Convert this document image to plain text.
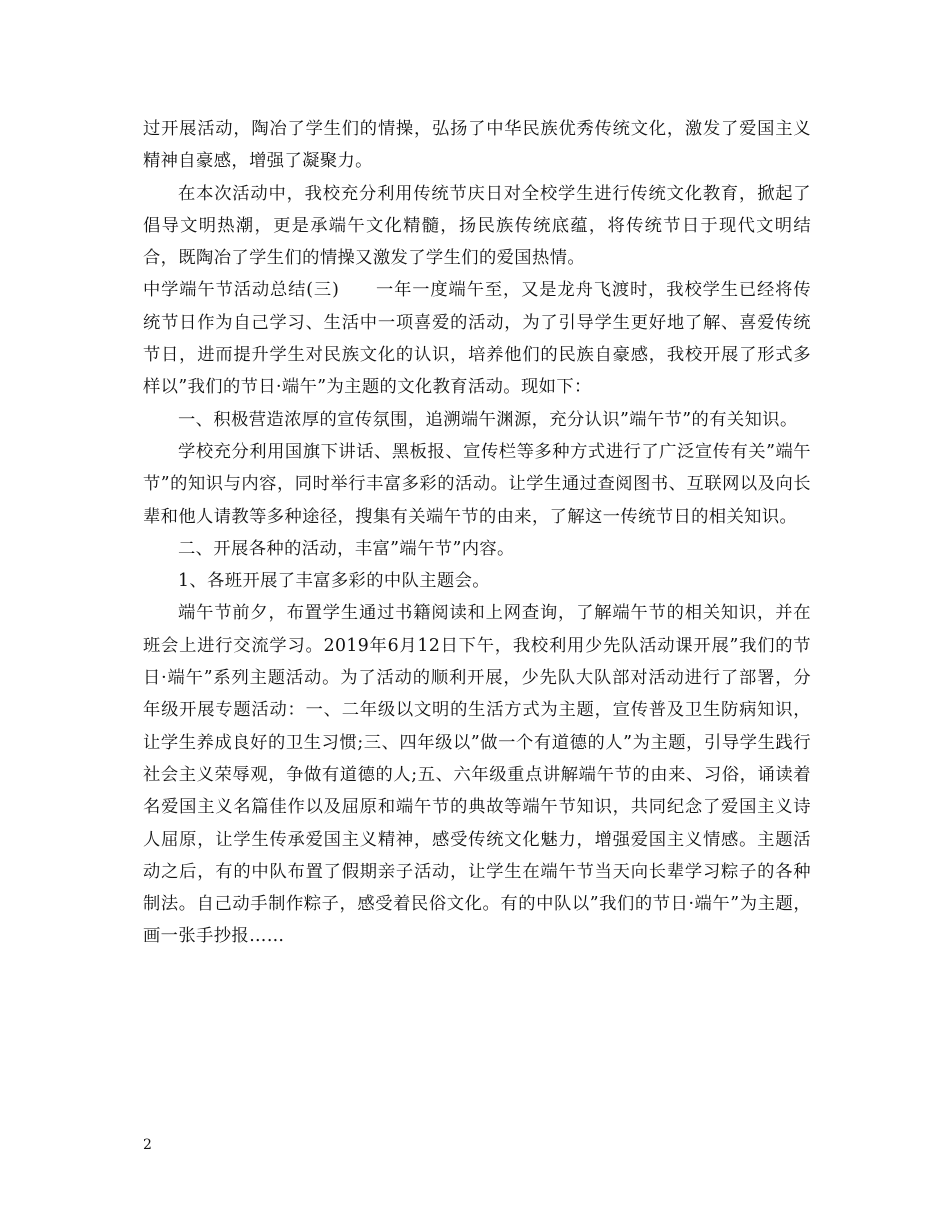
过开展活动，陶冶了学生们的情操，弘扬了中华民族优秀传统文化，激发了爱国主义精神自豪感，增强了凝聚力。

在本次活动中，我校充分利用传统节庆日对全校学生进行传统文化教育，掀起了倡导文明热潮，更是承端午文化精髓，扬民族传统底蕴，将传统节日于现代文明结合，既陶冶了学生们的情操又激发了学生们的爱国热情。

中学端午节活动总结(三)　　一年一度端午至，又是龙舟飞渡时，我校学生已经将传统节日作为自己学习、生活中一项喜爱的活动，为了引导学生更好地了解、喜爱传统节日，进而提升学生对民族文化的认识，培养他们的民族自豪感，我校开展了形式多样以”我们的节日·端午”为主题的文化教育活动。现如下：

一、积极营造浓厚的宣传氛围，追溯端午渊源，充分认识”端午节”的有关知识。

学校充分利用国旗下讲话、黑板报、宣传栏等多种方式进行了广泛宣传有关”端午节”的知识与内容，同时举行丰富多彩的活动。让学生通过查阅图书、互联网以及向长辈和他人请教等多种途径，搜集有关端午节的由来，了解这一传统节日的相关知识。

二、开展各种的活动，丰富”端午节”内容。

1、各班开展了丰富多彩的中队主题会。

端午节前夕，布置学生通过书籍阅读和上网查询，了解端午节的相关知识，并在班会上进行交流学习。2019年6月12日下午，我校利用少先队活动课开展”我们的节日·端午”系列主题活动。为了活动的顺利开展，少先队大队部对活动进行了部署，分年级开展专题活动：一、二年级以文明的生活方式为主题，宣传普及卫生防病知识，让学生养成良好的卫生习惯;三、四年级以”做一个有道德的人”为主题，引导学生践行社会主义荣辱观，争做有道德的人;五、六年级重点讲解端午节的由来、习俗，诵读着名爱国主义名篇佳作以及屈原和端午节的典故等端午节知识，共同纪念了爱国主义诗人屈原，让学生传承爱国主义精神，感受传统文化魅力，增强爱国主义情感。主题活动之后，有的中队布置了假期亲子活动，让学生在端午节当天向长辈学习粽子的各种制法。自己动手制作粽子，感受着民俗文化。有的中队以”我们的节日·端午”为主题，画一张手抄报……

2
